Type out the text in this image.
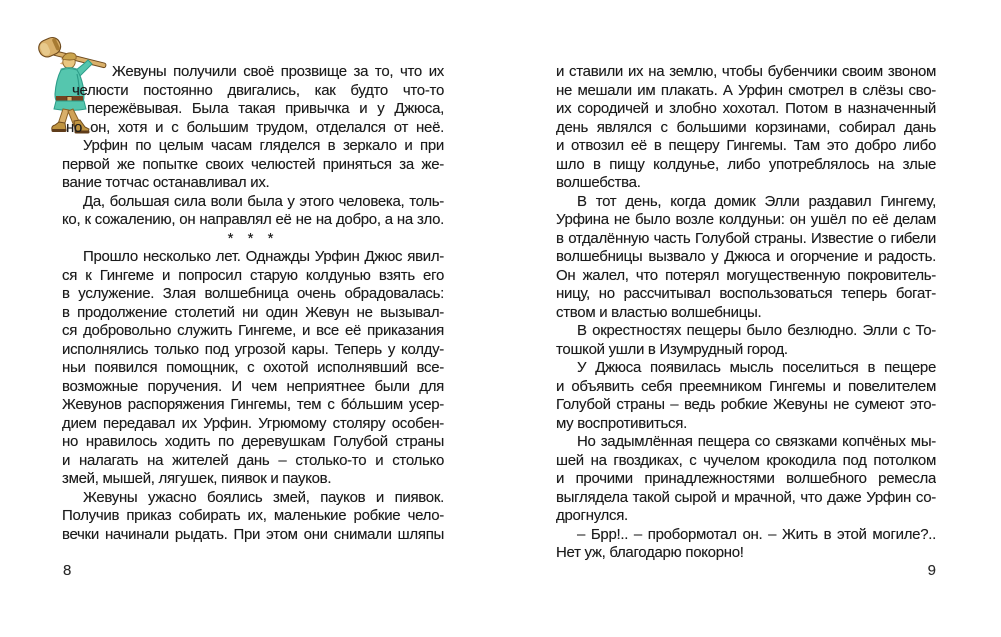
Жевуны получили своё прозвище за то, что их
челюсти постоянно двигались, как будто что-то
пережёвывая. Была такая привычка и у Джюса,
но он, хотя и с большим трудом, отделался от неё.
Урфин по целым часам гляделся в зеркало и при
первой же попытке своих челюстей приняться за же-
вание тотчас останавливал их.
Да, большая сила воли была у этого человека, толь-
ко, к сожалению, он направлял её не на добро, а на зло.
* * *
Прошло несколько лет. Однажды Урфин Джюс явил-
ся к Гингеме и попросил старую колдунью взять его
в услужение. Злая волшебница очень обрадовалась:
в продолжение столетий ни один Жевун не вызывал-
ся добровольно служить Гингеме, и все её приказания
исполнялись только под угрозой кары. Теперь у колду-
ньи появился помощник, с охотой исполнявший все-
возможные поручения. И чем неприятнее были для
Жевунов распоряжения Гингемы, тем с бо́льшим усер-
дием передавал их Урфин. Угрюмому столяру особен-
но нравилось ходить по деревушкам Голубой страны
и налагать на жителей дань – столько-то и столько
змей, мышей, лягушек, пиявок и пауков.
Жевуны ужасно боялись змей, пауков и пиявок.
Получив приказ собирать их, маленькие робкие чело-
вечки начинали рыдать. При этом они снимали шляпы
и ставили их на землю, чтобы бубенчики своим звоном
не мешали им плакать. А Урфин смотрел в слёзы сво-
их сородичей и злобно хохотал. Потом в назначенный
день являлся с большими корзинами, собирал дань
и отвозил её в пещеру Гингемы. Там это добро либо
шло в пищу колдунье, либо употреблялось на злые
волшебства.
В тот день, когда домик Элли раздавил Гингему,
Урфина не было возле колдуньи: он ушёл по её делам
в отдалённую часть Голубой страны. Известие о гибели
волшебницы вызвало у Джюса и огорчение и радость.
Он жалел, что потерял могущественную покровитель-
ницу, но рассчитывал воспользоваться теперь богат-
ством и властью волшебницы.
В окрестностях пещеры было безлюдно. Элли с То-
тошкой ушли в Изумрудный город.
У Джюса появилась мысль поселиться в пещере
и объявить себя преемником Гингемы и повелителем
Голубой страны – ведь робкие Жевуны не сумеют это-
му воспротивиться.
Но задымлённая пещера со связками копчёных мы-
шей на гвоздиках, с чучелом крокодила под потолком
и прочими принадлежностями волшебного ремесла
выглядела такой сырой и мрачной, что даже Урфин со-
дрогнулся.
– Брр!.. – пробормотал он. – Жить в этой могиле?..
Нет уж, благодарю покорно!
8	9
